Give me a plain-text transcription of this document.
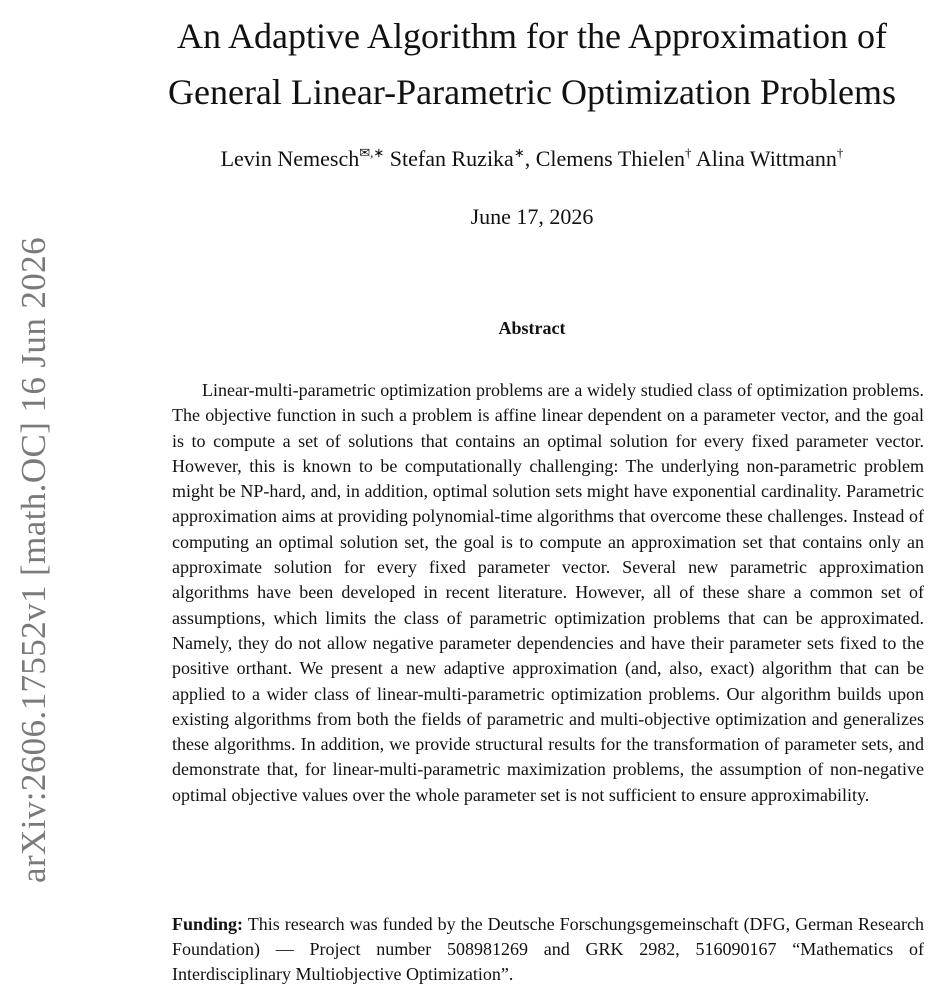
arXiv:2606.17552v1 [math.OC] 16 Jun 2026
An Adaptive Algorithm for the Approximation of
General Linear-Parametric Optimization Problems
Levin Nemesch✉,∗ Stefan Ruzika∗, Clemens Thielen† Alina Wittmann†
June 17, 2026
Abstract

Linear-multi-parametric optimization problems are a widely studied class of optimization problems. The objective function in such a problem is affine linear dependent on a parameter vector, and the goal is to compute a set of solutions that contains an optimal solution for every fixed parameter vector. However, this is known to be computationally challenging: The underlying non-parametric problem might be NP-hard, and, in addition, optimal solution sets might have exponential cardinality. Parametric approximation aims at providing polynomial-time algorithms that overcome these challenges. Instead of computing an optimal solution set, the goal is to compute an approximation set that contains only an approximate solution for every fixed parameter vector. Several new parametric approximation algorithms have been developed in recent literature. However, all of these share a common set of assumptions, which limits the class of parametric optimization problems that can be approximated. Namely, they do not allow negative parameter dependencies and have their parameter sets fixed to the positive orthant. We present a new adaptive approximation (and, also, exact) algorithm that can be applied to a wider class of linear-multi-parametric optimization problems. Our algorithm builds upon existing algorithms from both the fields of parametric and multi-objective optimization and generalizes these algorithms. In addition, we provide structural results for the transformation of parameter sets, and demonstrate that, for linear-multi-parametric maximization problems, the assumption of non-negative optimal objective values over the whole parameter set is not sufficient to ensure approximability.

Funding: This research was funded by the Deutsche Forschungsgemeinschaft (DFG, German Research Foundation) — Project number 508981269 and GRK 2982, 516090167 “Mathematics of Interdisciplinary Multiobjective Optimization”.
